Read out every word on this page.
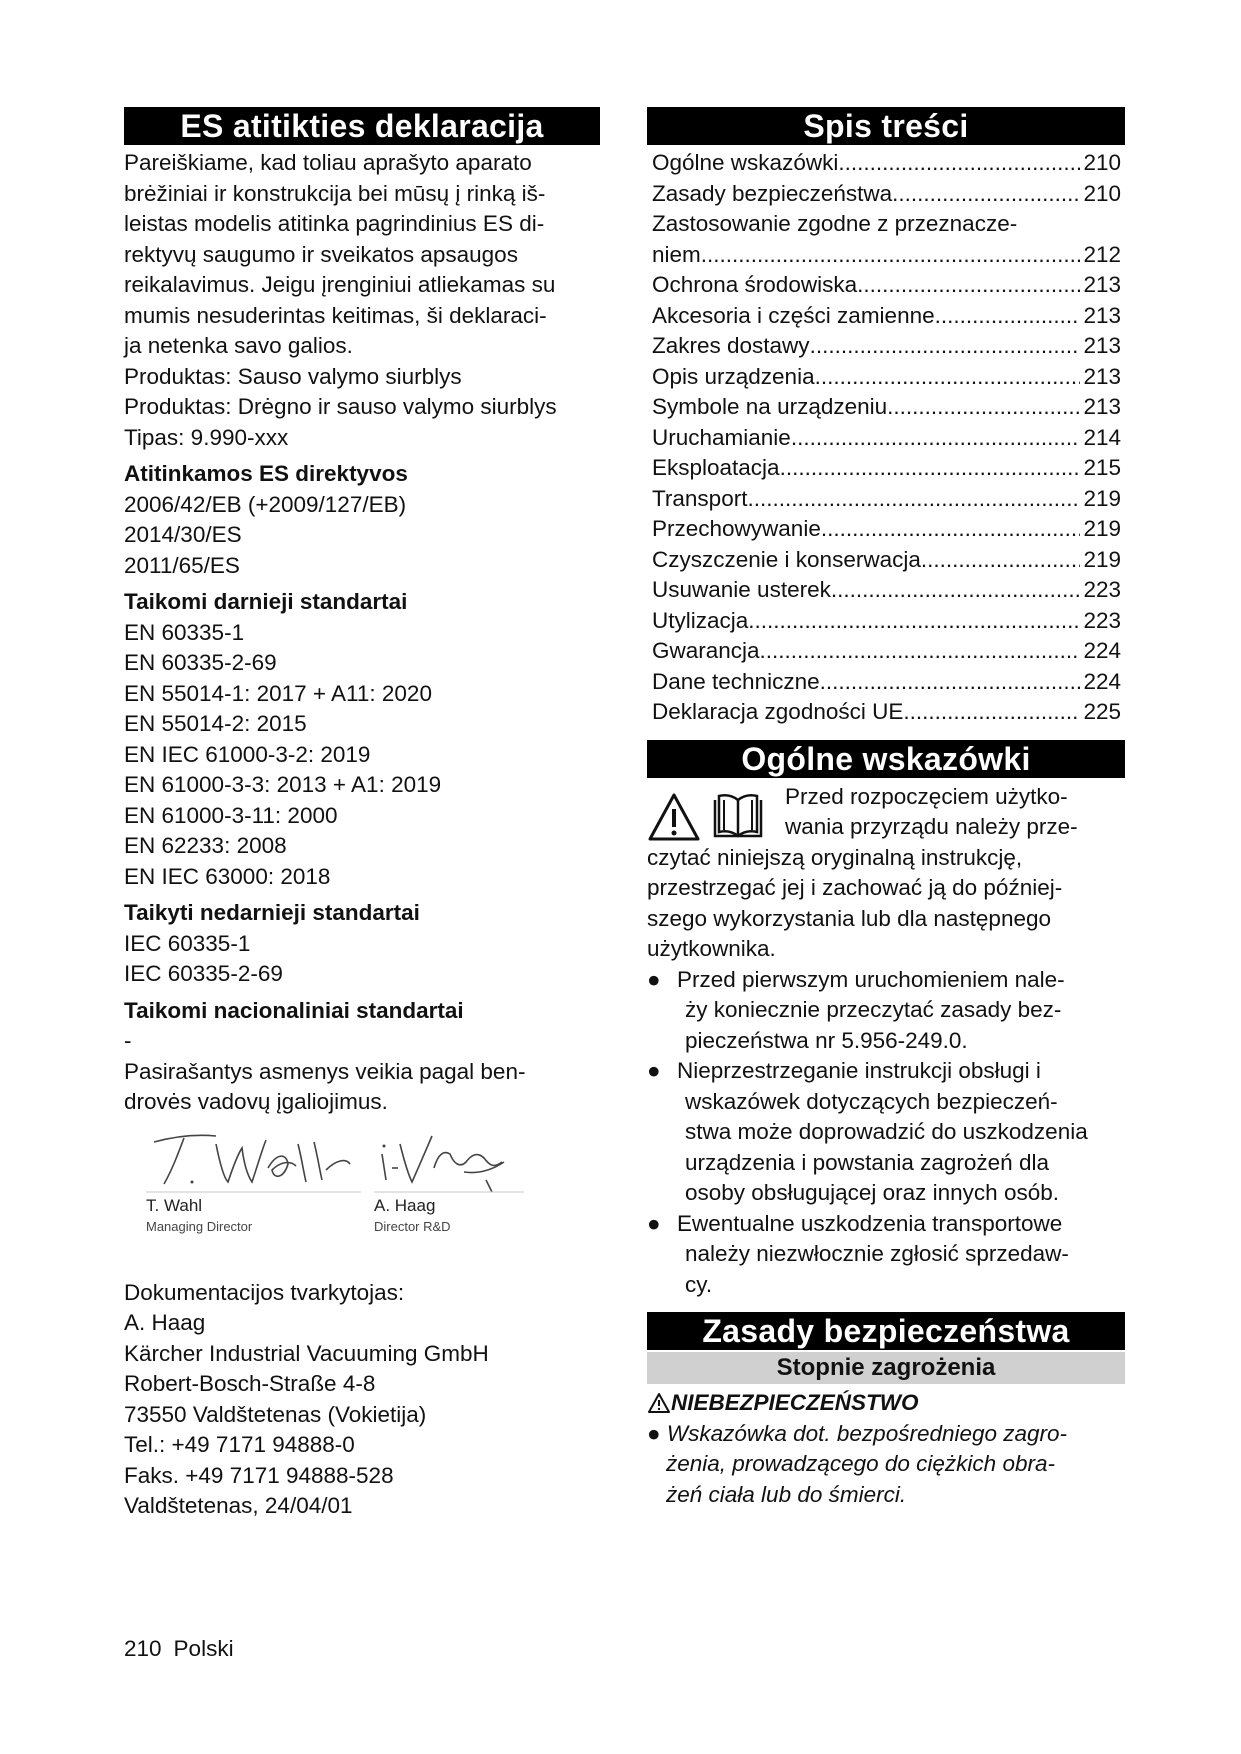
ES atitikties deklaracija

Pareiškiame, kad toliau aprašyto aparato

brėžiniai ir konstrukcija bei mūsų į rinką iš-

leistas modelis atitinka pagrindinius ES di-

rektyvų saugumo ir sveikatos apsaugos

reikalavimus. Jeigu įrenginiui atliekamas su

mumis nesuderintas keitimas, ši deklaraci-

ja netenka savo galios.

Produktas: Sauso valymo siurblys

Produktas: Drėgno ir sauso valymo siurblys

Tipas: 9.990-xxx

Atitinkamos ES direktyvos

2006/42/EB (+2009/127/EB)

2014/30/ES

2011/65/ES

Taikomi darnieji standartai

EN 60335-1

EN 60335-2-69

EN 55014-1: 2017 + A11: 2020

EN 55014-2: 2015

EN IEC 61000-3-2: 2019

EN 61000-3-3: 2013 + A1: 2019

EN 61000-3-11: 2000

EN 62233: 2008

EN IEC 63000: 2018

Taikyti nedarnieji standartai

IEC 60335-1

IEC 60335-2-69

Taikomi nacionaliniai standartai

-

Pasirašantys asmenys veikia pagal ben-

drovės vadovų įgaliojimus.

T. Wahl
Managing Director
A. Haag
Director R&D

Dokumentacijos tvarkytojas:

A. Haag

Kärcher Industrial Vacuuming GmbH

Robert-Bosch-Straße 4-8

73550 Valdštetenas (Vokietija)

Tel.: +49 7171 94888-0

Faks. +49 7171 94888-528

Valdštetenas, 24/04/01

Spis treści
Ogólne wskazówki .....	210
Zasady bezpieczeństwa .....	210
Zastosowanie zgodne z przeznacze-
niem .....	212
Ochrona środowiska .....	213
Akcesoria i części zamienne .....	213
Zakres dostawy .....	213
Opis urządzenia .....	213
Symbole na urządzeniu .....	213
Uruchamianie .....	214
Eksploatacja .....	215
Transport .....	219
Przechowywanie .....	219
Czyszczenie i konserwacja .....	219
Usuwanie usterek .....	223
Utylizacja .....	223
Gwarancja .....	224
Dane techniczne .....	224
Deklaracja zgodności UE .....	225
Ogólne wskazówki
Przed rozpoczęciem użytko-
wania przyrządu należy prze-
czytać niniejszą oryginalną instrukcję,
przestrzegać jej i zachować ją do później-
szego wykorzystania lub dla następnego
użytkownika.
● Przed pierwszym uruchomieniem nale-
ży koniecznie przeczytać zasady bez-
pieczeństwa nr 5.956-249.0.
● Nieprzestrzeganie instrukcji obsługi i
wskazówek dotyczących bezpieczeń-
stwa może doprowadzić do uszkodzenia
urządzenia i powstania zagrożeń dla
osoby obsługującej oraz innych osób.
● Ewentualne uszkodzenia transportowe
należy niezwłocznie zgłosić sprzedaw-
cy.
Zasady bezpieczeństwa
Stopnie zagrożenia
NIEBEZPIECZEŃSTWO
● Wskazówka dot. bezpośredniego zagro-
żenia, prowadzącego do ciężkich obra-
żeń ciała lub do śmierci.
210 Polski
